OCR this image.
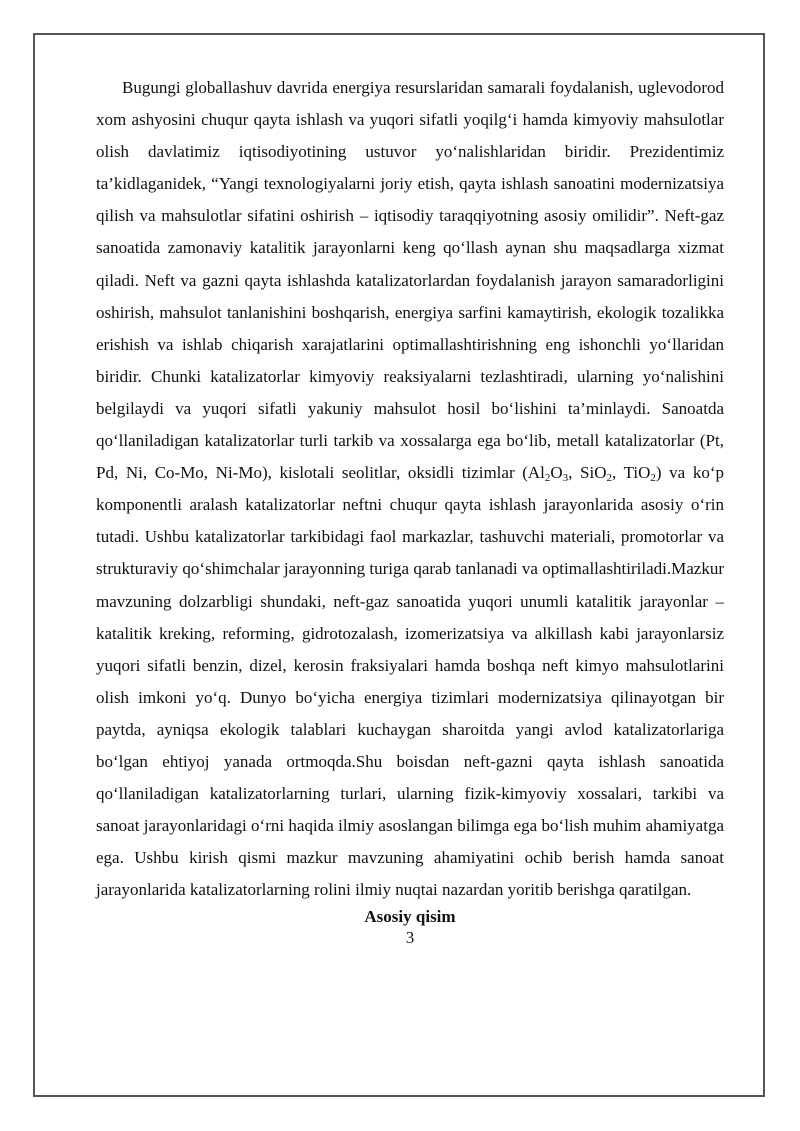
Bugungi globallashuv davrida energiya resurslaridan samarali foydalanish, uglevodorod xom ashyosini chuqur qayta ishlash va yuqori sifatli yoqilg‘i hamda kimyoviy mahsulotlar olish davlatimiz iqtisodiyotining ustuvor yo‘nalishlaridan biridir. Prezidentimiz ta’kidlaganidek, “Yangi texnologiyalarni joriy etish, qayta ishlash sanoatini modernizatsiya qilish va mahsulotlar sifatini oshirish – iqtisodiy taraqqiyotning asosiy omilidir”. Neft-gaz sanoatida zamonaviy katalitik jarayonlarni keng qo‘llash aynan shu maqsadlarga xizmat qiladi. Neft va gazni qayta ishlashda katalizatorlardan foydalanish jarayon samaradorligini oshirish, mahsulot tanlanishini boshqarish, energiya sarfini kamaytirish, ekologik tozalikka erishish va ishlab chiqarish xarajatlarini optimallashtirishning eng ishonchli yo‘llaridan biridir. Chunki katalizatorlar kimyoviy reaksiyalarni tezlashtiradi, ularning yo‘nalishini belgilaydi va yuqori sifatli yakuniy mahsulot hosil bo‘lishini ta’minlaydi. Sanoatda qo‘llaniladigan katalizatorlar turli tarkib va xossalarga ega bo‘lib, metall katalizatorlar (Pt, Pd, Ni, Co-Mo, Ni-Mo), kislotali seolitlar, oksidli tizimlar ($Al_2O_3$, SiO$_2$, TiO$_2$) va ko‘p komponentli aralash katalizatorlar neftni chuqur qayta ishlash jarayonlarida asosiy o‘rin tutadi. Ushbu katalizatorlar tarkibidagi faol markazlar, tashuvchi materiali, promotorlar va strukturaviy qo‘shimchalar jarayonning turiga qarab tanlanadi va optimallashtiriladi.Mazkur mavzuning dolzarbligi shundaki, neft-gaz sanoatida yuqori unumli katalitik jarayonlar – katalitik kreking, reforming, gidrotozalash, izomerizatsiya va alkillash kabi jarayonlarsiz yuqori sifatli benzin, dizel, kerosin fraksiyalari hamda boshqa neft kimyo mahsulotlarini olish imkoni yo‘q. Dunyo bo‘yicha energiya tizimlari modernizatsiya qilinayotgan bir paytda, ayniqsa ekologik talablari kuchaygan sharoitda yangi avlod katalizatorlariga bo‘lgan ehtiyoj yanada ortmoqda.Shu boisdan neft-gazni qayta ishlash sanoatida qo‘llaniladigan katalizatorlarning turlari, ularning fizik-kimyoviy xossalari, tarkibi va sanoat jarayonlaridagi o‘rni haqida ilmiy asoslangan bilimga ega bo‘lish muhim ahamiyatga ega. Ushbu kirish qismi mazkur mavzuning ahamiyatini ochib berish hamda sanoat jarayonlarida katalizatorlarning rolini ilmiy nuqtai nazardan yoritib berishga qaratilgan.

Asosiy qisim

3
